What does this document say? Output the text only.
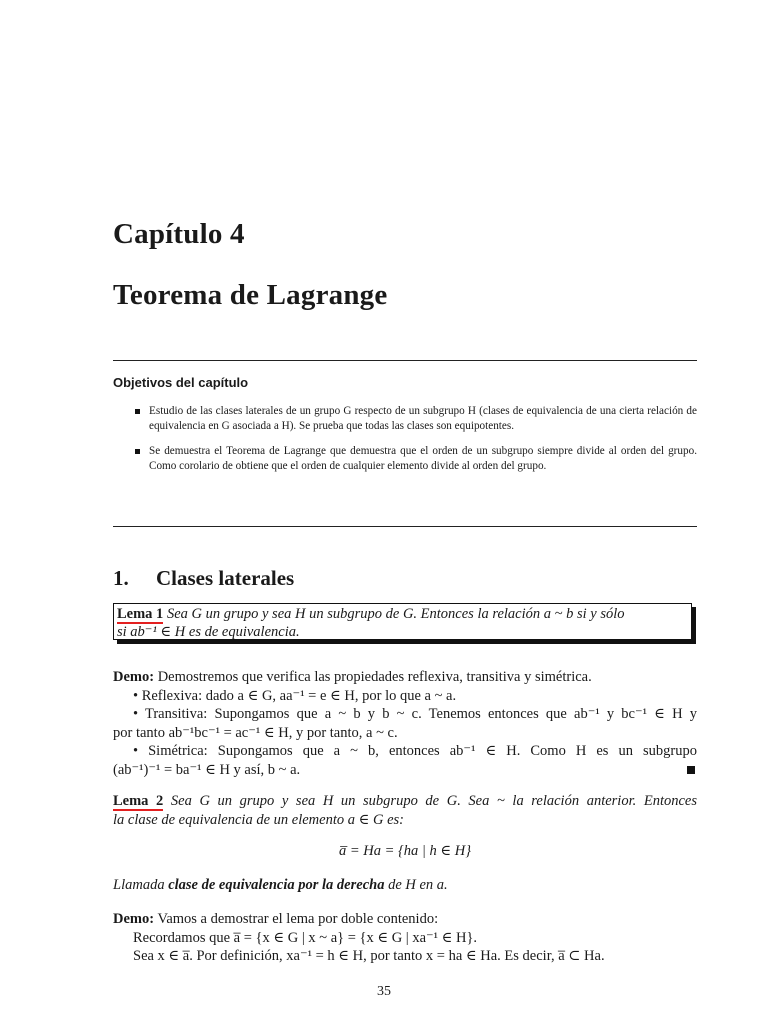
Capítulo 4
Teorema de Lagrange
Objetivos del capítulo
Estudio de las clases laterales de un grupo G respecto de un subgrupo H (clases de equivalencia de una cierta relación de equivalencia en G asociada a H). Se prueba que todas las clases son equipotentes.
Se demuestra el Teorema de Lagrange que demuestra que el orden de un subgrupo siempre divide al orden del grupo. Como corolario de obtiene que el orden de cualquier elemento divide al orden del grupo.
1. Clases laterales
Lema 1 Sea G un grupo y sea H un subgrupo de G. Entonces la relación a ~ b si y sólo
si ab⁻¹ ∈ H es de equivalencia.
Demo: Demostremos que verifica las propiedades reflexiva, transitiva y simétrica.
• Reflexiva: dado a ∈ G, aa⁻¹ = e ∈ H, por lo que a ~ a.
• Transitiva: Supongamos que a ~ b y b ~ c. Tenemos entonces que ab⁻¹ y bc⁻¹ ∈ H y
por tanto ab⁻¹bc⁻¹ = ac⁻¹ ∈ H, y por tanto, a ~ c.
• Simétrica: Supongamos que a ~ b, entonces ab⁻¹ ∈ H. Como H es un subgrupo
(ab⁻¹)⁻¹ = ba⁻¹ ∈ H y así, b ~ a.
Lema 2 Sea G un grupo y sea H un subgrupo de G. Sea ~ la relación anterior. Entonces
la clase de equivalencia de un elemento a ∈ G es:
a̅ = Ha = {ha | h ∈ H}
Llamada clase de equivalencia por la derecha de H en a.
Demo: Vamos a demostrar el lema por doble contenido:
Recordamos que a̅ = {x ∈ G | x ~ a} = {x ∈ G | xa⁻¹ ∈ H}.
Sea x ∈ a̅. Por definición, xa⁻¹ = h ∈ H, por tanto x = ha ∈ Ha. Es decir, a̅ ⊂ Ha.
35
